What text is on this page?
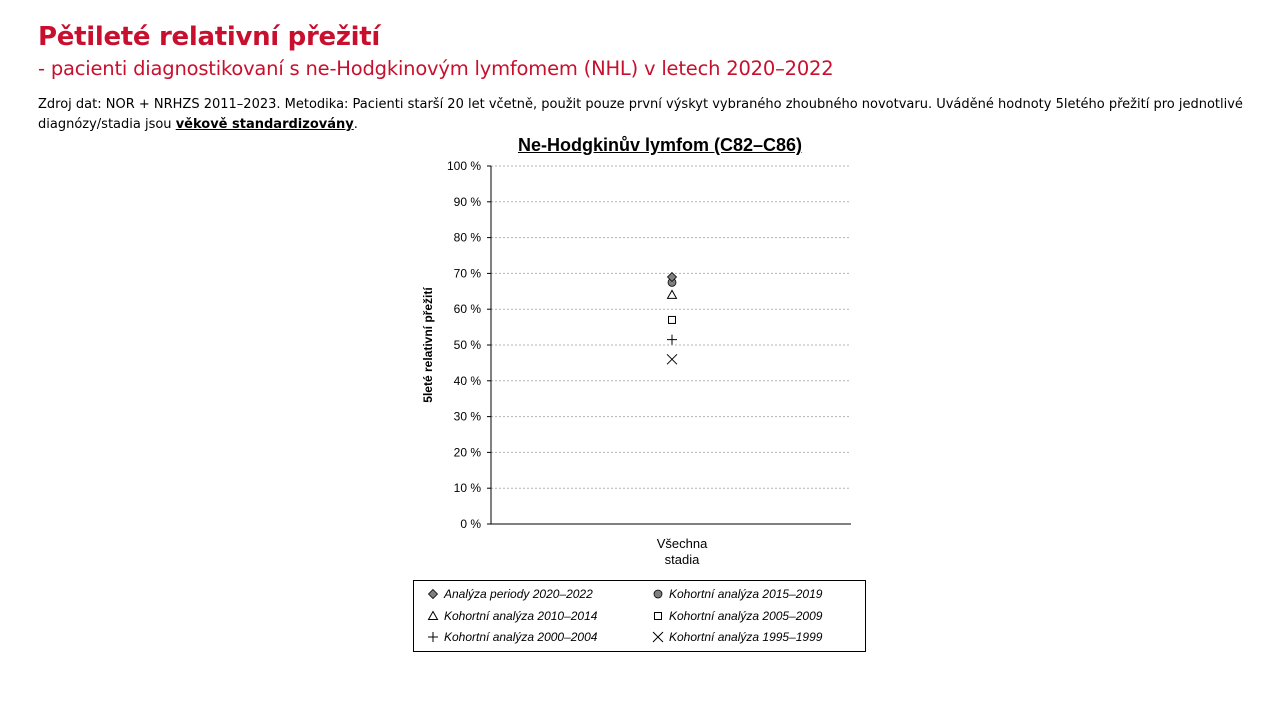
Pětileté relativní přežití
- pacienti diagnostikovaní s ne-Hodgkinovým lymfomem (NHL) v letech 2020–2022
Zdroj dat: NOR + NRHZS 2011–2023. Metodika: Pacienti starší 20 let včetně, použit pouze první výskyt vybraného zhoubného novotvaru. Uváděné hodnoty 5letého přežití pro jednotlivé diagnózy/stadia jsou věkově standardizovány.
Ne-Hodgkinův lymfom (C82–C86)
0 %
10 %
20 %
30 %
40 %
50 %
60 %
70 %
80 %
90 %
100 %
5leté relativní přežití
Všechna
stadia
Analýza periody 2020–2022	Kohortní analýza 2015–2019
Kohortní analýza 2010–2014	Kohortní analýza 2005–2009
Kohortní analýza 2000–2004	Kohortní analýza 1995–1999
